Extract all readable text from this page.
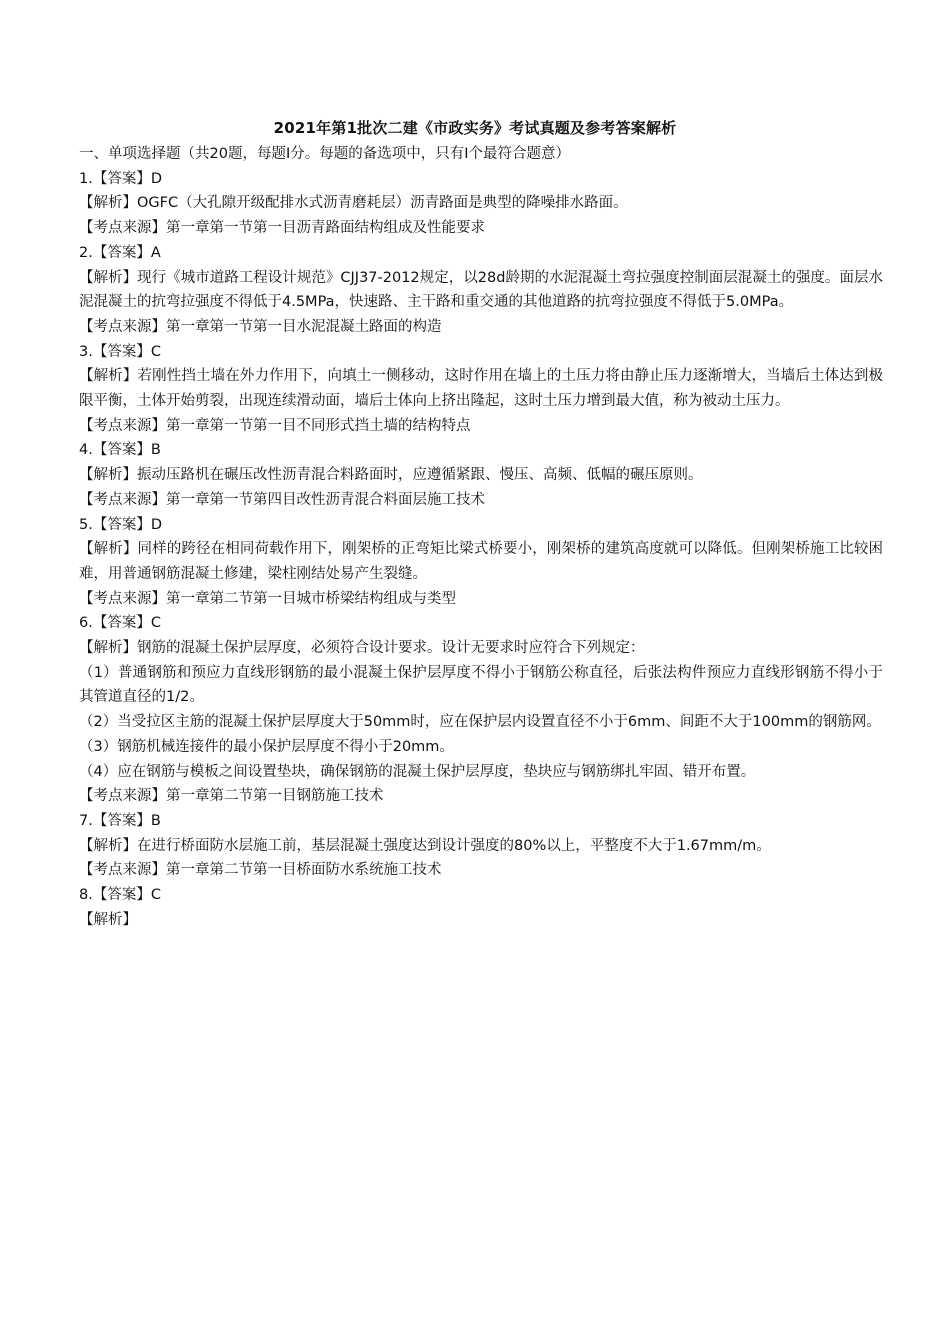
2021年第1批次二建《市政实务》考试真题及参考答案解析

一、单项选择题（共20题，每题I分。每题的备选项中，只有I个最符合题意）

1.【答案】D

【解析】OGFC（大孔隙开级配排水式沥青磨耗层）沥青路面是典型的降噪排水路面。

【考点来源】第一章第一节第一目沥青路面结构组成及性能要求

2.【答案】A

【解析】现行《城市道路工程设计规范》CJJ37-2012规定，以28d龄期的水泥混凝土弯拉强度控制面层混凝土的强度。面层水泥混凝土的抗弯拉强度不得低于4.5MPa，快速路、主干路和重交通的其他道路的抗弯拉强度不得低于5.0MPa。

【考点来源】第一章第一节第一目水泥混凝土路面的构造

3.【答案】C

【解析】若刚性挡土墙在外力作用下，向填土一侧移动，这时作用在墙上的土压力将由静止压力逐渐增大，当墙后土体达到极限平衡，土体开始剪裂，出现连续滑动面，墙后土体向上挤出隆起，这时土压力增到最大值，称为被动土压力。

【考点来源】第一章第一节第一目不同形式挡土墙的结构特点

4.【答案】B

【解析】振动压路机在碾压改性沥青混合料路面时，应遵循紧跟、慢压、高频、低幅的碾压原则。

【考点来源】第一章第一节第四目改性沥青混合料面层施工技术

5.【答案】D

【解析】同样的跨径在相同荷载作用下，刚架桥的正弯矩比梁式桥要小，刚架桥的建筑高度就可以降低。但刚架桥施工比较困难，用普通钢筋混凝土修建，梁柱刚结处易产生裂缝。

【考点来源】第一章第二节第一目城市桥梁结构组成与类型

6.【答案】C

【解析】钢筋的混凝土保护层厚度，必须符合设计要求。设计无要求时应符合下列规定：

（1）普通钢筋和预应力直线形钢筋的最小混凝土保护层厚度不得小于钢筋公称直径，后张法构件预应力直线形钢筋不得小于其管道直径的1/2。

（2）当受拉区主筋的混凝土保护层厚度大于50mm时，应在保护层内设置直径不小于6mm、间距不大于100mm的钢筋网。

（3）钢筋机械连接件的最小保护层厚度不得小于20mm。

（4）应在钢筋与模板之间设置垫块，确保钢筋的混凝土保护层厚度，垫块应与钢筋绑扎牢固、错开布置。

【考点来源】第一章第二节第一目钢筋施工技术

7.【答案】B

【解析】在进行桥面防水层施工前，基层混凝土强度达到设计强度的80%以上，平整度不大于1.67mm/m。

【考点来源】第一章第二节第一目桥面防水系统施工技术

8.【答案】C

【解析】
